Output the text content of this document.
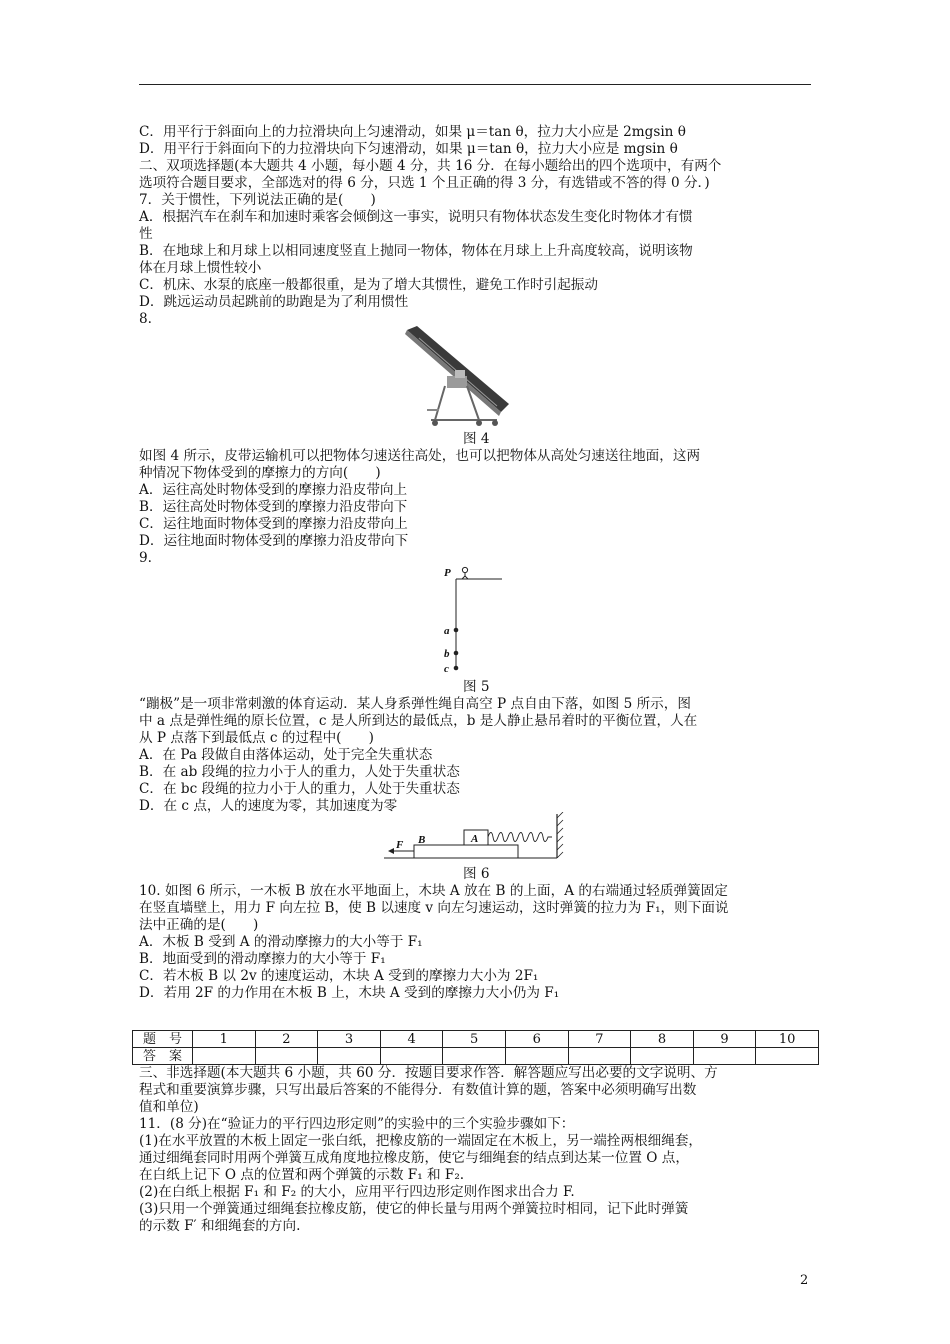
C．用平行于斜面向上的力拉滑块向上匀速滑动，如果 μ＝tan θ，拉力大小应是 2mgsin θ
D．用平行于斜面向下的力拉滑块向下匀速滑动，如果 μ＝tan θ，拉力大小应是 mgsin θ
二、双项选择题(本大题共 4 小题，每小题 4 分，共 16 分．在每小题给出的四个选项中，有两个
选项符合题目要求，全部选对的得 6 分，只选 1 个且正确的得 3 分，有选错或不答的得 0 分．)
7．关于惯性，下列说法正确的是(　　)
A．根据汽车在刹车和加速时乘客会倾倒这一事实，说明只有物体状态发生变化时物体才有惯
性
B．在地球上和月球上以相同速度竖直上抛同一物体，物体在月球上上升高度较高，说明该物
体在月球上惯性较小
C．机床、水泵的底座一般都很重，是为了增大其惯性，避免工作时引起振动
D．跳远运动员起跳前的助跑是为了利用惯性
8.
图 4
如图 4 所示，皮带运输机可以把物体匀速送往高处，也可以把物体从高处匀速送往地面，这两
种情况下物体受到的摩擦力的方向(　　)
A．运往高处时物体受到的摩擦力沿皮带向上
B．运往高处时物体受到的摩擦力沿皮带向下
C．运往地面时物体受到的摩擦力沿皮带向上
D．运往地面时物体受到的摩擦力沿皮带向下
9.
P
a
b
c
图 5
“蹦极”是一项非常刺激的体育运动．某人身系弹性绳自高空 P 点自由下落，如图 5 所示，图
中 a 点是弹性绳的原长位置，c 是人所到达的最低点，b 是人静止悬吊着时的平衡位置，人在
从 P 点落下到最低点 c 的过程中(　　)
A．在 Pa 段做自由落体运动，处于完全失重状态
B．在 ab 段绳的拉力小于人的重力，人处于失重状态
C．在 bc 段绳的拉力小于人的重力，人处于失重状态
D．在 c 点，人的速度为零，其加速度为零
F B	A
图 6
10. 如图 6 所示，一木板 B 放在水平地面上，木块 A 放在 B 的上面，A 的右端通过轻质弹簧固定
在竖直墙壁上，用力 F 向左拉 B，使 B 以速度 v 向左匀速运动，这时弹簧的拉力为 F₁，则下面说
法中正确的是(　　)
A．木板 B 受到 A 的滑动摩擦力的大小等于 F₁
B．地面受到的滑动摩擦力的大小等于 F₁
C．若木板 B 以 2v 的速度运动，木块 A 受到的摩擦力大小为 2F₁
D．若用 2F 的力作用在木板 B 上，木块 A 受到的摩擦力大小仍为 F₁
题　号	1	2	3	4	5	6	7	8	9	10
答　案										
三、非选择题(本大题共 6 小题，共 60 分．按题目要求作答．解答题应写出必要的文字说明、方
程式和重要演算步骤，只写出最后答案的不能得分．有数值计算的题，答案中必须明确写出数
值和单位)
11．(8 分)在“验证力的平行四边形定则”的实验中的三个实验步骤如下：
(1)在水平放置的木板上固定一张白纸，把橡皮筋的一端固定在木板上，另一端拴两根细绳套，
通过细绳套同时用两个弹簧互成角度地拉橡皮筋，使它与细绳套的结点到达某一位置 O 点，
在白纸上记下 O 点的位置和两个弹簧的示数 F₁ 和 F₂.
(2)在白纸上根据 F₁ 和 F₂ 的大小，应用平行四边形定则作图求出合力 F.
(3)只用一个弹簧通过细绳套拉橡皮筋，使它的伸长量与用两个弹簧拉时相同，记下此时弹簧
的示数 F′ 和细绳套的方向.
2
